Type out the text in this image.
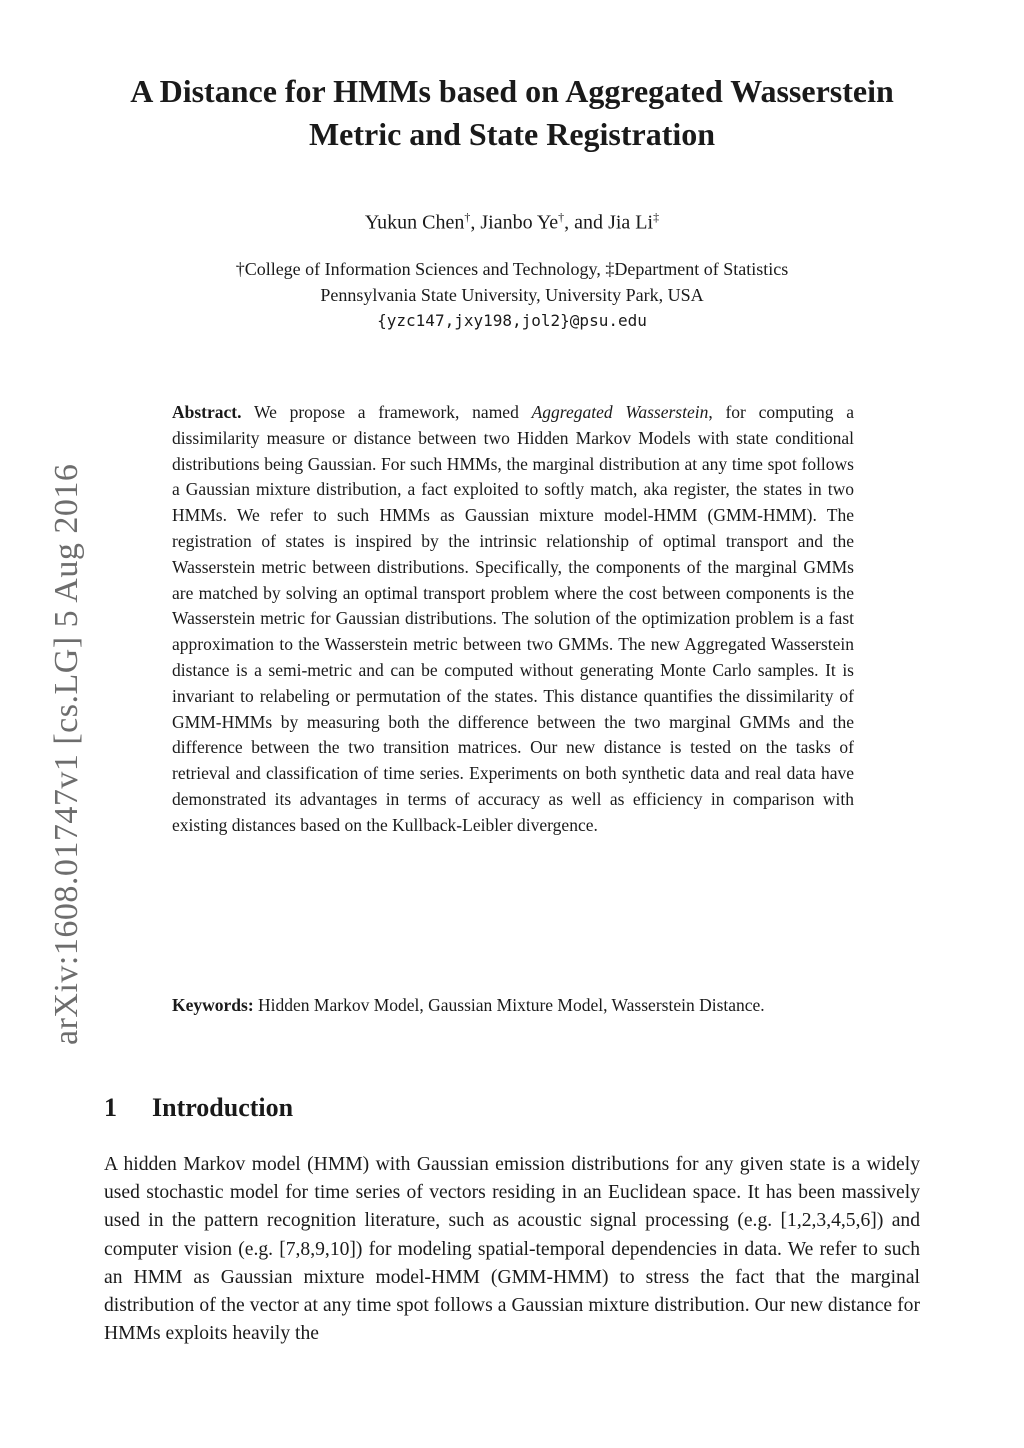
arXiv:1608.01747v1 [cs.LG] 5 Aug 2016
A Distance for HMMs based on Aggregated Wasserstein Metric and State Registration
Yukun Chen†, Jianbo Ye†, and Jia Li‡
†College of Information Sciences and Technology, ‡Department of Statistics
Pennsylvania State University, University Park, USA
{yzc147,jxy198,jol2}@psu.edu
Abstract. We propose a framework, named Aggregated Wasserstein, for computing a dissimilarity measure or distance between two Hidden Markov Models with state conditional distributions being Gaussian. For such HMMs, the marginal distribution at any time spot follows a Gaussian mixture distribution, a fact exploited to softly match, aka register, the states in two HMMs. We refer to such HMMs as Gaussian mixture model-HMM (GMM-HMM). The registration of states is inspired by the intrinsic relationship of optimal transport and the Wasserstein metric between distributions. Specifically, the components of the marginal GMMs are matched by solving an optimal transport problem where the cost between components is the Wasserstein metric for Gaussian distributions. The solution of the optimization problem is a fast approximation to the Wasserstein metric between two GMMs. The new Aggregated Wasserstein distance is a semi-metric and can be computed without generating Monte Carlo samples. It is invariant to relabeling or permutation of the states. This distance quantifies the dissimilarity of GMM-HMMs by measuring both the difference between the two marginal GMMs and the difference between the two transition matrices. Our new distance is tested on the tasks of retrieval and classification of time series. Experiments on both synthetic data and real data have demonstrated its advantages in terms of accuracy as well as efficiency in comparison with existing distances based on the Kullback-Leibler divergence.
Keywords: Hidden Markov Model, Gaussian Mixture Model, Wasserstein Distance.
1 Introduction
A hidden Markov model (HMM) with Gaussian emission distributions for any given state is a widely used stochastic model for time series of vectors residing in an Euclidean space. It has been massively used in the pattern recognition literature, such as acoustic signal processing (e.g. [1,2,3,4,5,6]) and computer vision (e.g. [7,8,9,10]) for modeling spatial-temporal dependencies in data. We refer to such an HMM as Gaussian mixture model-HMM (GMM-HMM) to stress the fact that the marginal distribution of the vector at any time spot follows a Gaussian mixture distribution. Our new distance for HMMs exploits heavily the
